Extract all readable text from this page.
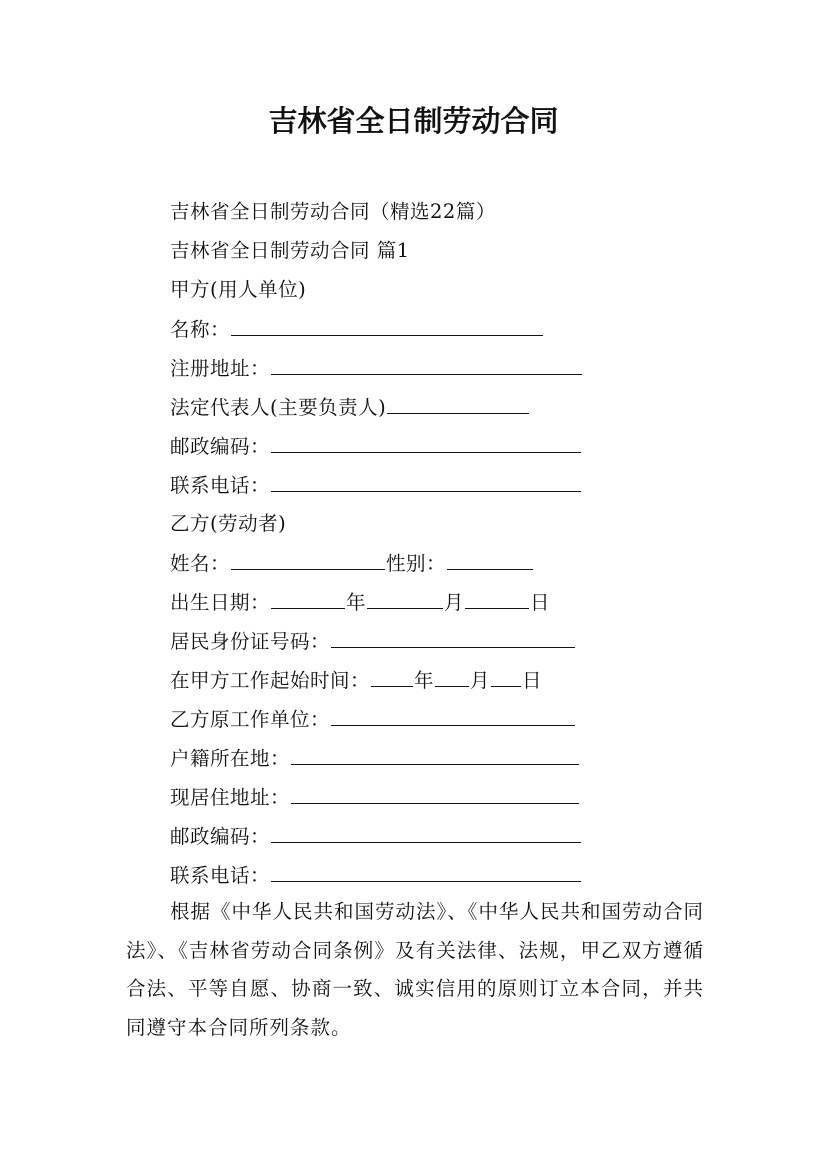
吉林省全日制劳动合同
吉林省全日制劳动合同（精选22篇）
吉林省全日制劳动合同 篇1
甲方(用人单位)
名称：
注册地址：
法定代表人(主要负责人)
邮政编码：
联系电话：
乙方(劳动者)
姓名：	性别：
出生日期：	年	月	日
居民身份证号码：
在甲方工作起始时间： 年 月 日
乙方原工作单位：
户籍所在地：
现居住地址：
邮政编码：
联系电话：
根据《中华人民共和国劳动法》、《中华人民共和国劳动合同法》、《吉林省劳动合同条例》及有关法律、法规，甲乙双方遵循合法、平等自愿、协商一致、诚实信用的原则订立本合同，并共同遵守本合同所列条款。
